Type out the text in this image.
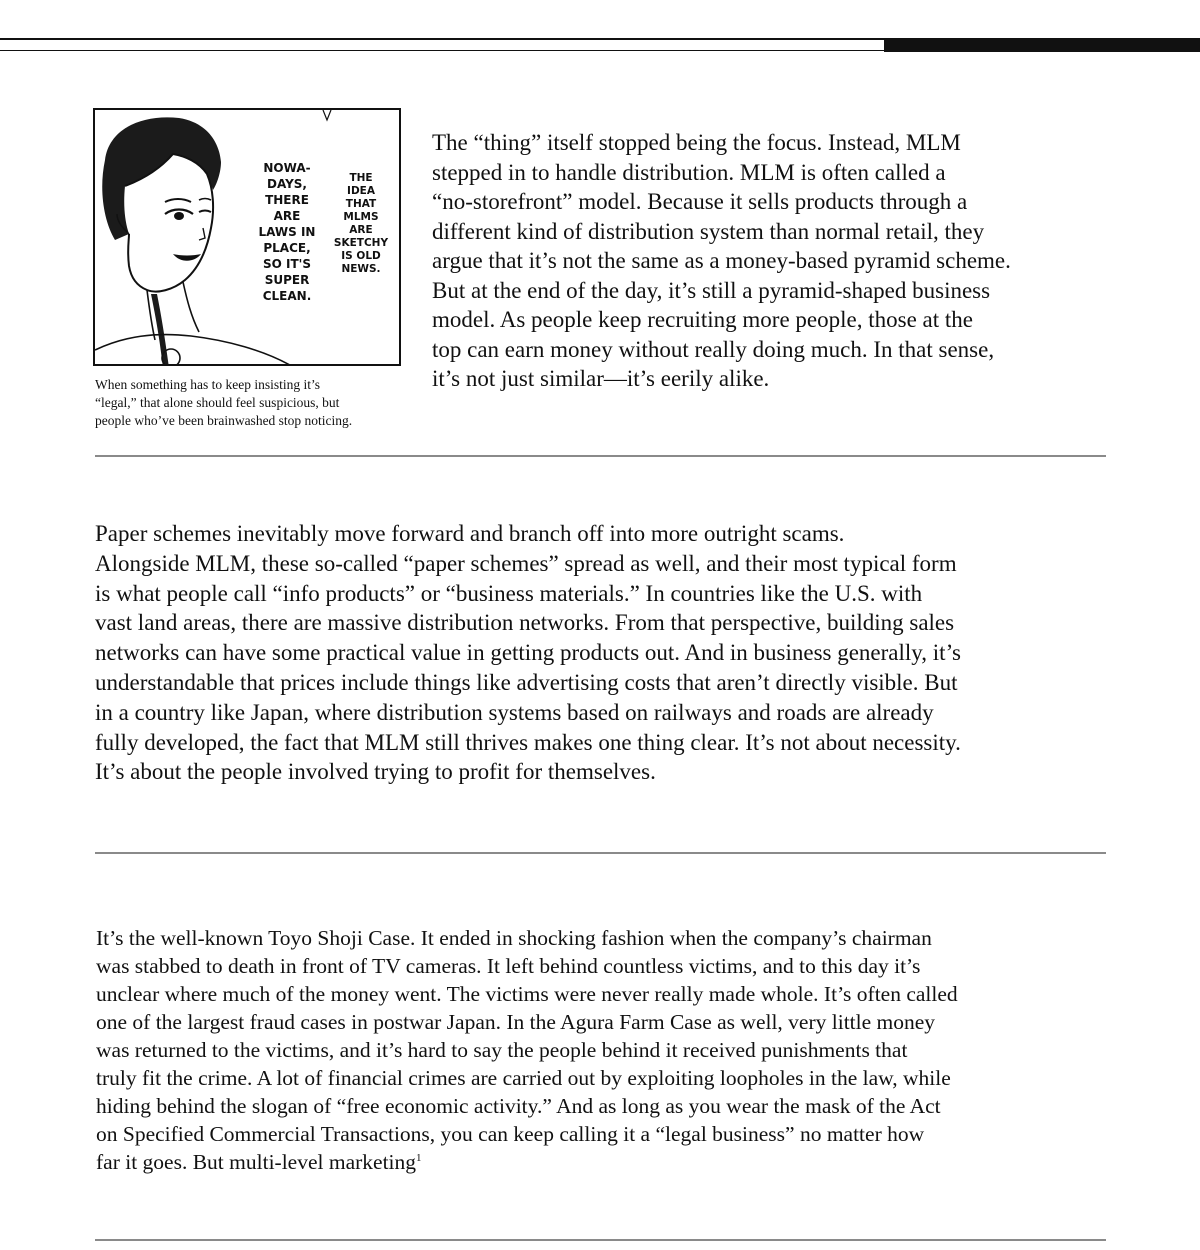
NOWA-
DAYS,
THERE
ARE
LAWS IN
PLACE,
SO IT'S
SUPER
CLEAN.
THE
IDEA
THAT
MLMS
ARE
SKETCHY
IS OLD
NEWS.
When something has to keep insisting it’s
“legal,” that alone should feel suspicious, but
people who’ve been brainwashed stop noticing.
The “thing” itself stopped being the focus. Instead, MLM
stepped in to handle distribution. MLM is often called a
“no-storefront” model. Because it sells products through a
different kind of distribution system than normal retail, they
argue that it’s not the same as a money-based pyramid scheme.
But at the end of the day, it’s still a pyramid-shaped business
model. As people keep recruiting more people, those at the
top can earn money without really doing much. In that sense,
it’s not just similar—it’s eerily alike.
Paper schemes inevitably move forward and branch off into more outright scams.
Alongside MLM, these so-called “paper schemes” spread as well, and their most typical form
is what people call “info products” or “business materials.” In countries like the U.S. with
vast land areas, there are massive distribution networks. From that perspective, building sales
networks can have some practical value in getting products out. And in business generally, it’s
understandable that prices include things like advertising costs that aren’t directly visible. But
in a country like Japan, where distribution systems based on railways and roads are already
fully developed, the fact that MLM still thrives makes one thing clear. It’s not about necessity.
It’s about the people involved trying to profit for themselves.
It’s the well-known Toyo Shoji Case. It ended in shocking fashion when the company’s chairman
was stabbed to death in front of TV cameras. It left behind countless victims, and to this day it’s
unclear where much of the money went. The victims were never really made whole. It’s often called
one of the largest fraud cases in postwar Japan. In the Agura Farm Case as well, very little money
was returned to the victims, and it’s hard to say the people behind it received punishments that
truly fit the crime. A lot of financial crimes are carried out by exploiting loopholes in the law, while
hiding behind the slogan of “free economic activity.” And as long as you wear the mask of the Act
on Specified Commercial Transactions, you can keep calling it a “legal business” no matter how
far it goes. But multi-level marketing$^1$
